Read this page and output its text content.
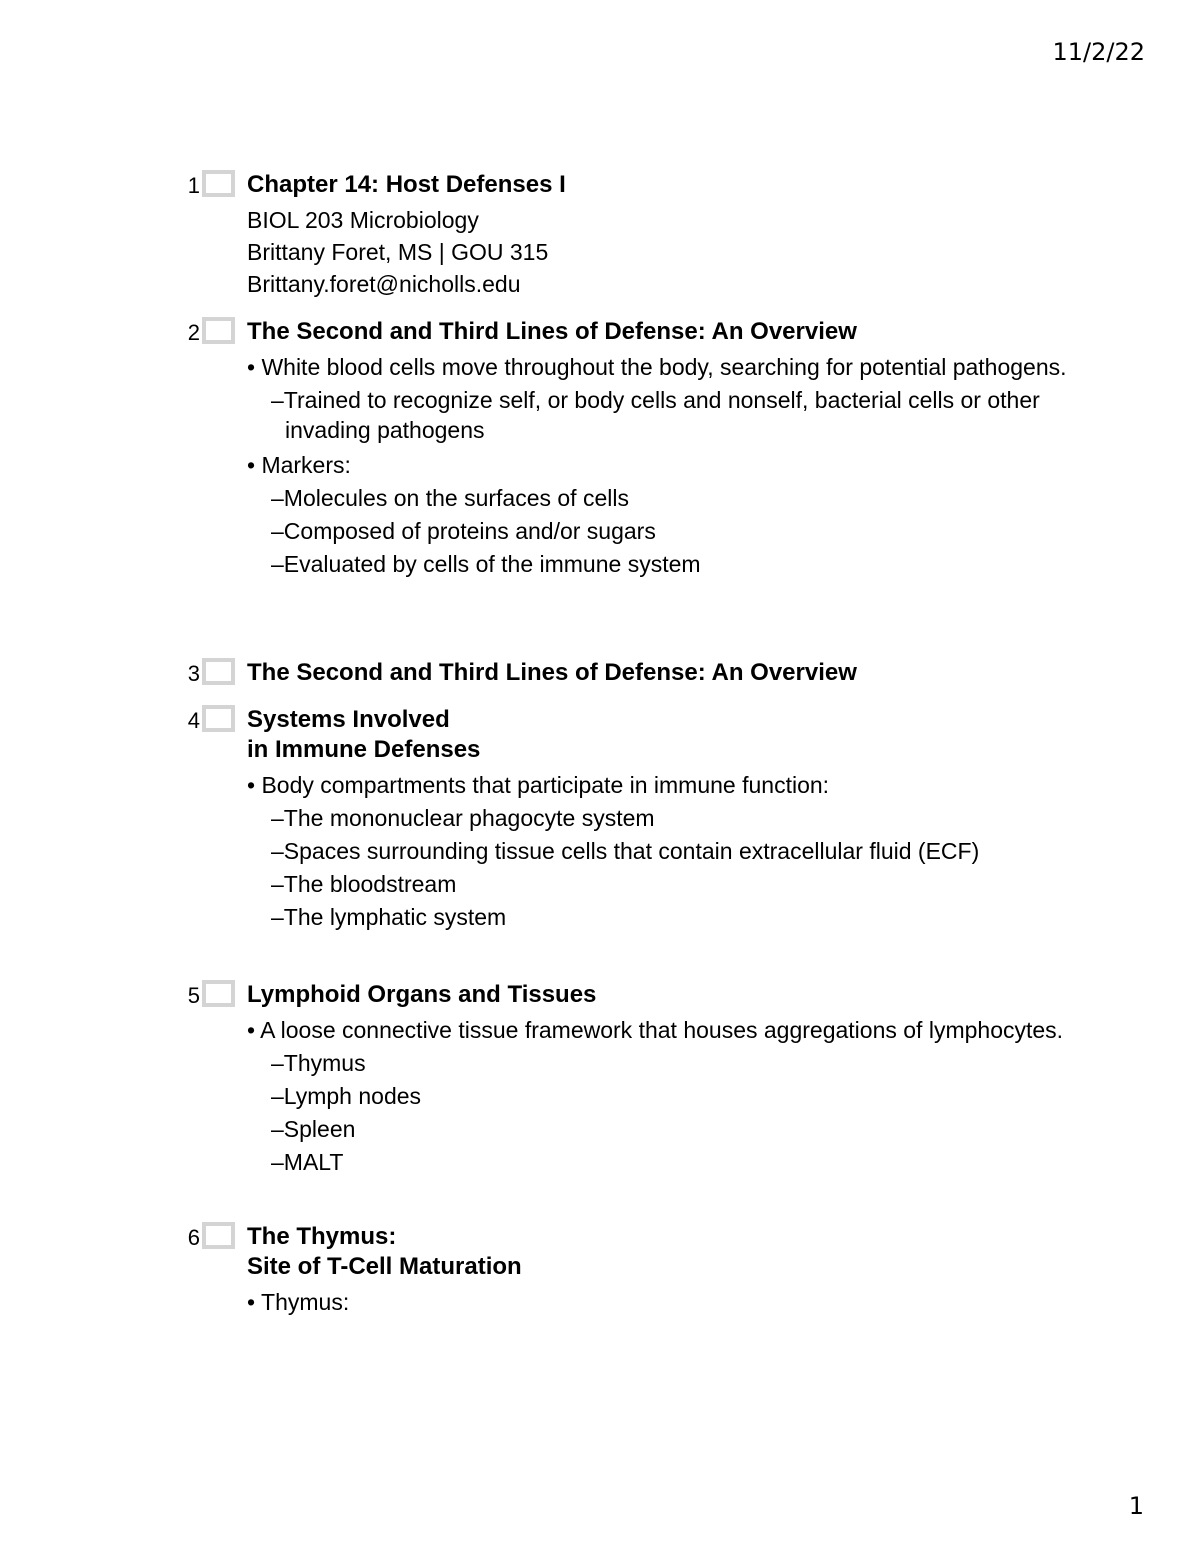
11/2/22
1 Chapter 14: Host Defenses I
BIOL 203 Microbiology
Brittany Foret, MS | GOU 315
Brittany.foret@nicholls.edu
2 The Second and Third Lines of Defense: An Overview
• White blood cells move throughout the body, searching for potential pathogens.
–Trained to recognize self, or body cells and nonself, bacterial cells or other invading pathogens
• Markers:
–Molecules on the surfaces of cells
–Composed of proteins and/or sugars
–Evaluated by cells of the immune system
3 The Second and Third Lines of Defense: An Overview
4 Systems Involved
in Immune Defenses
• Body compartments that participate in immune function:
–The mononuclear phagocyte system
–Spaces surrounding tissue cells that contain extracellular fluid (ECF)
–The bloodstream
–The lymphatic system
5 Lymphoid Organs and Tissues
• A loose connective tissue framework that houses aggregations of lymphocytes.
–Thymus
–Lymph nodes
–Spleen
–MALT
6 The Thymus:
Site of T-Cell Maturation
• Thymus:
1
